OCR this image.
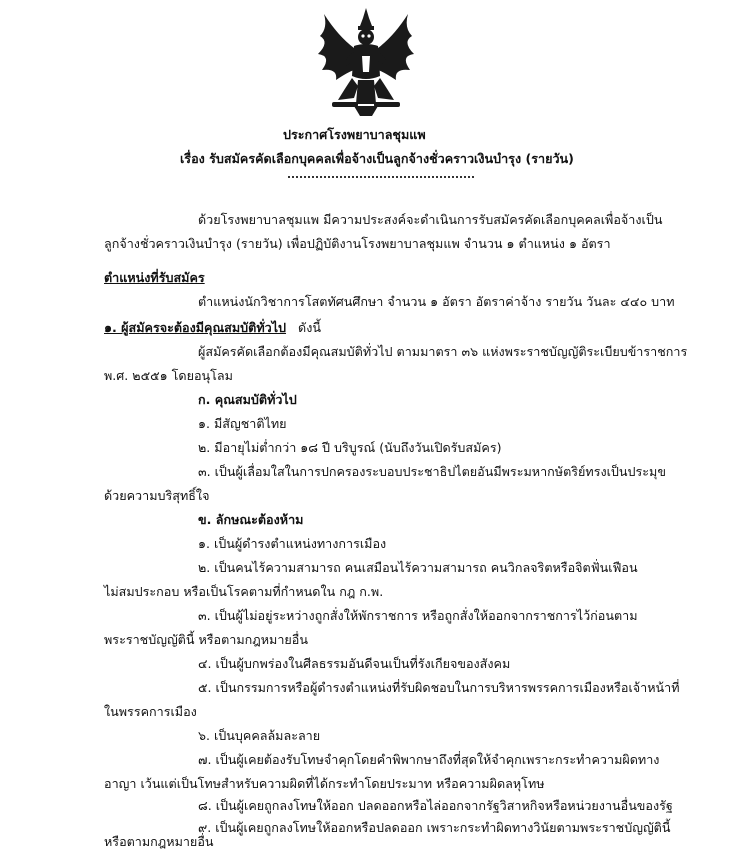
ประกาศโรงพยาบาลชุมแพ
เรื่อง รับสมัครคัดเลือกบุคคลเพื่อจ้างเป็นลูกจ้างชั่วคราวเงินบำรุง (รายวัน)
ด้วยโรงพยาบาลชุมแพ มีความประสงค์จะดำเนินการรับสมัครคัดเลือกบุคคลเพื่อจ้างเป็น
ลูกจ้างชั่วคราวเงินบำรุง (รายวัน) เพื่อปฏิบัติงานโรงพยาบาลชุมแพ จำนวน ๑ ตำแหน่ง ๑ อัตรา
ตำแหน่งที่รับสมัคร
ตำแหน่งนักวิชาการโสตทัศนศึกษา จำนวน ๑ อัตรา อัตราค่าจ้าง รายวัน วันละ ๔๔๐ บาท
๑. ผู้สมัครจะต้องมีคุณสมบัติทั่วไป ดังนี้
ผู้สมัครคัดเลือกต้องมีคุณสมบัติทั่วไป ตามมาตรา ๓๖ แห่งพระราชบัญญัติระเบียบข้าราชการ
พ.ศ. ๒๕๕๑ โดยอนุโลม
ก. คุณสมบัติทั่วไป
๑. มีสัญชาติไทย
๒. มีอายุไม่ต่ำกว่า ๑๘ ปี บริบูรณ์ (นับถึงวันเปิดรับสมัคร)
๓. เป็นผู้เลื่อมใสในการปกครองระบอบประชาธิปไตยอันมีพระมหากษัตริย์ทรงเป็นประมุข
ด้วยความบริสุทธิ์ใจ
ข. ลักษณะต้องห้าม
๑. เป็นผู้ดำรงตำแหน่งทางการเมือง
๒. เป็นคนไร้ความสามารถ คนเสมือนไร้ความสามารถ คนวิกลจริตหรือจิตฟั่นเฟือน
ไม่สมประกอบ หรือเป็นโรคตามที่กำหนดใน กฎ ก.พ.
๓. เป็นผู้ไม่อยู่ระหว่างถูกสั่งให้พักราชการ หรือถูกสั่งให้ออกจากราชการไว้ก่อนตาม
พระราชบัญญัตินี้ หรือตามกฎหมายอื่น
๔. เป็นผู้บกพร่องในศีลธรรมอันดีจนเป็นที่รังเกียจของสังคม
๕. เป็นกรรมการหรือผู้ดำรงตำแหน่งที่รับผิดชอบในการบริหารพรรคการเมืองหรือเจ้าหน้าที่
ในพรรคการเมือง
๖. เป็นบุคคลล้มละลาย
๗. เป็นผู้เคยต้องรับโทษจำคุกโดยคำพิพากษาถึงที่สุดให้จำคุกเพราะกระทำความผิดทาง
อาญา เว้นแต่เป็นโทษสำหรับความผิดที่ได้กระทำโดยประมาท หรือความผิดลหุโทษ
๘. เป็นผู้เคยถูกลงโทษให้ออก ปลดออกหรือไล่ออกจากรัฐวิสาหกิจหรือหน่วยงานอื่นของรัฐ
๙. เป็นผู้เคยถูกลงโทษให้ออกหรือปลดออก เพราะกระทำผิดทางวินัยตามพระราชบัญญัตินี้
หรือตามกฎหมายอื่น
